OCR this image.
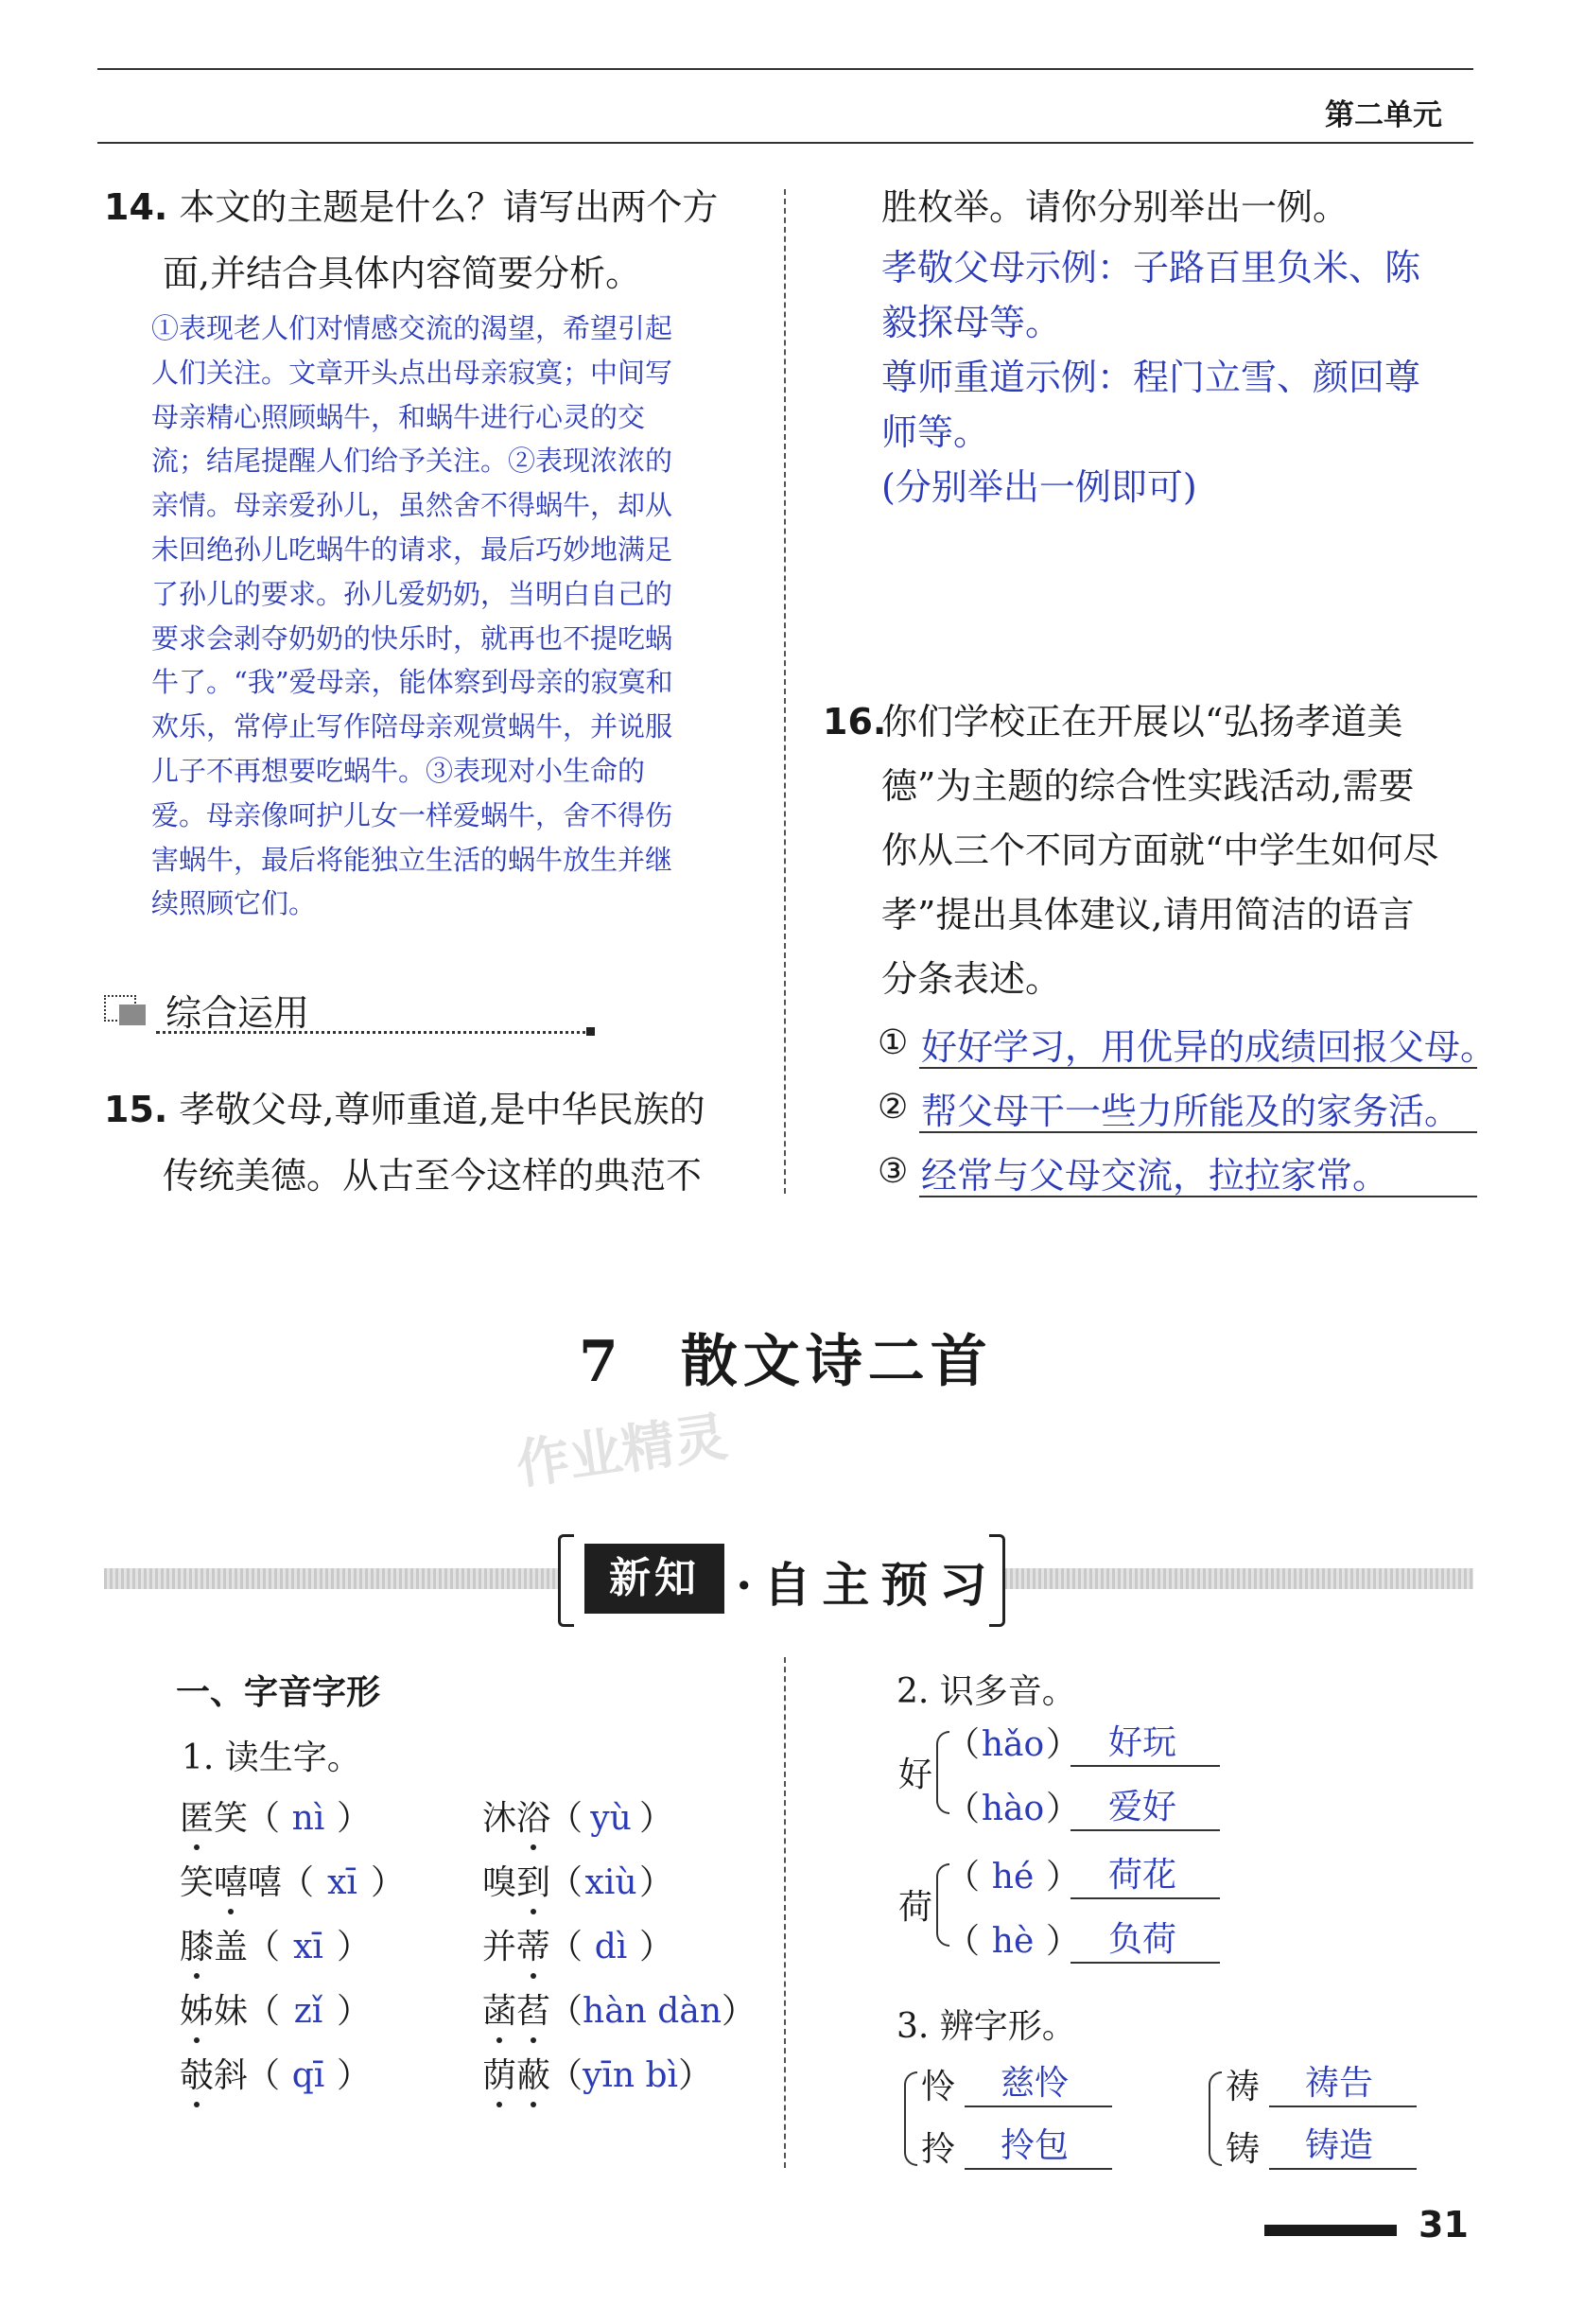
第二单元
14. 本文的主题是什么？请写出两个方
面,并结合具体内容简要分析。
①表现老人们对情感交流的渴望，希望引起
人们关注。文章开头点出母亲寂寞；中间写
母亲精心照顾蜗牛，和蜗牛进行心灵的交
流；结尾提醒人们给予关注。②表现浓浓的
亲情。母亲爱孙儿，虽然舍不得蜗牛，却从
未回绝孙儿吃蜗牛的请求，最后巧妙地满足
了孙儿的要求。孙儿爱奶奶，当明白自己的
要求会剥夺奶奶的快乐时，就再也不提吃蜗
牛了。“我”爱母亲，能体察到母亲的寂寞和
欢乐，常停止写作陪母亲观赏蜗牛，并说服
儿子不再想要吃蜗牛。③表现对小生命的
爱。母亲像呵护儿女一样爱蜗牛，舍不得伤
害蜗牛，最后将能独立生活的蜗牛放生并继
续照顾它们。
综合运用
15. 孝敬父母,尊师重道,是中华民族的
传统美德。从古至今这样的典范不
胜枚举。请你分别举出一例。
孝敬父母示例：子路百里负米、陈
毅探母等。
尊师重道示例：程门立雪、颜回尊
师等。
(分别举出一例即可)
16.
你们学校正在开展以“弘扬孝道美
德”为主题的综合性实践活动,需要
你从三个不同方面就“中学生如何尽
孝”提出具体建议,请用简洁的语言
分条表述。
① 好好学习，用优异的成绩回报父母。
② 帮父母干一些力所能及的家务活。
③ 经常与父母交流，拉拉家常。
7 散文诗二首
作业精灵
新知 ·自主预习
一、字音字形
1. 读生字。
匿笑（ nì ）	沐浴（ yù ）
笑嘻嘻（ xī ） 嗅到（xiù）
膝盖（ xī ）	并蒂（ dì ）
姊妹（ zǐ ）	菡萏（hàn dàn）
攲斜（ qī ）	荫蔽（yīn bì）
2. 识多音。
好
（hǎo） 好玩
（hào） 爱好
荷
（ hé ） 荷花
（ hè ） 负荷
3. 辨字形。
怜 慈怜
拎 拎包
祷 祷告
铸 铸造
31
